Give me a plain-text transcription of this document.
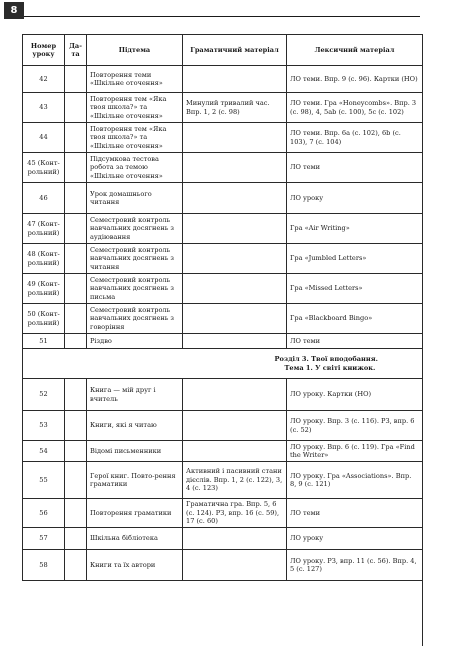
8
Номер уроку	Да-та	Підтема	Граматичний матеріал	Лексичний матеріал
42		Повторення теми «Шкільне оточення»		ЛО теми. Впр. 9 (с. 96). Картки (НО)
43		Повторення тем «Яка твоя школа?» та «Шкільне оточення»	Минулий тривалий час. Впр. 1, 2 (с. 98)	ЛО теми. Гра «Honeycombs». Впр. 3 (с. 98), 4, 5ab (с. 100), 5c (с. 102)
44		Повторення тем «Яка твоя школа?» та «Шкільне оточення»		ЛО теми. Впр. 6a (с. 102), 6b (с. 103), 7 (с. 104)
45 (Конт-рольний)		Підсумкова тестова робота за темою «Шкільне оточення»		ЛО теми
46		Урок домашнього читання		ЛО уроку
47 (Конт-рольний)		Семестровий контроль навчальних досягнень з аудіювання		Гра «Air Writing»
48 (Конт-рольний)		Семестровий контроль навчальних досягнень з читання		Гра «Jumbled Letters»
49 (Конт-рольний)		Семестровий контроль навчальних досягнень з письма		Гра «Missed Letters»
50 (Конт-рольний)		Семестровий контроль навчальних досягнень з говоріння		Гра «Blackboard Bingo»
51		Різдво		ЛО теми

				Розділ 3. Твої вподобання.
Тема 1. У світі книжок.

52		Книга — мій друг і вчитель		ЛО уроку. Картки (НО)
53		Книги, які я читаю		ЛО уроку. Впр. 3 (с. 116). РЗ, впр. 6 (с. 52)
54		Відомі письменники		ЛО уроку. Впр. 6 (с. 119). Гра «Find the Writer»
55		Герої книг. Повто-рення граматики	Активний і пасивний стани дієслів. Впр. 1, 2 (с. 122), 3, 4 (с. 123)	ЛО уроку. Гра «Associations». Впр. 8, 9 (с. 121)
56		Повторення граматики	Граматична гра. Впр. 5, 6 (с. 124). РЗ, впр. 16 (с. 59), 17 (с. 60)	ЛО теми
57		Шкільна бібліотека		ЛО уроку
58		Книги та їх автори		ЛО уроку. РЗ, впр. 11 (с. 56). Впр. 4, 5 (с. 127)
